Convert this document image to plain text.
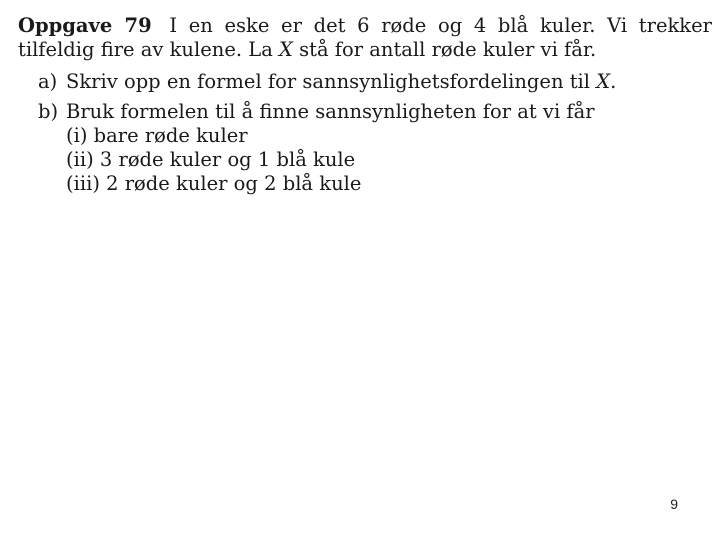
Oppgave 79 I en eske er det 6 røde og 4 blå kuler. Vi trekker tilfeldig fire av kulene. La X stå for antall røde kuler vi får.

a) Skriv opp en formel for sannsynlighetsfordelingen til X.
b) Bruk formelen til å finne sannsynligheten for at vi får
(i) bare røde kuler
(ii) 3 røde kuler og 1 blå kule
(iii) 2 røde kuler og 2 blå kule
9
